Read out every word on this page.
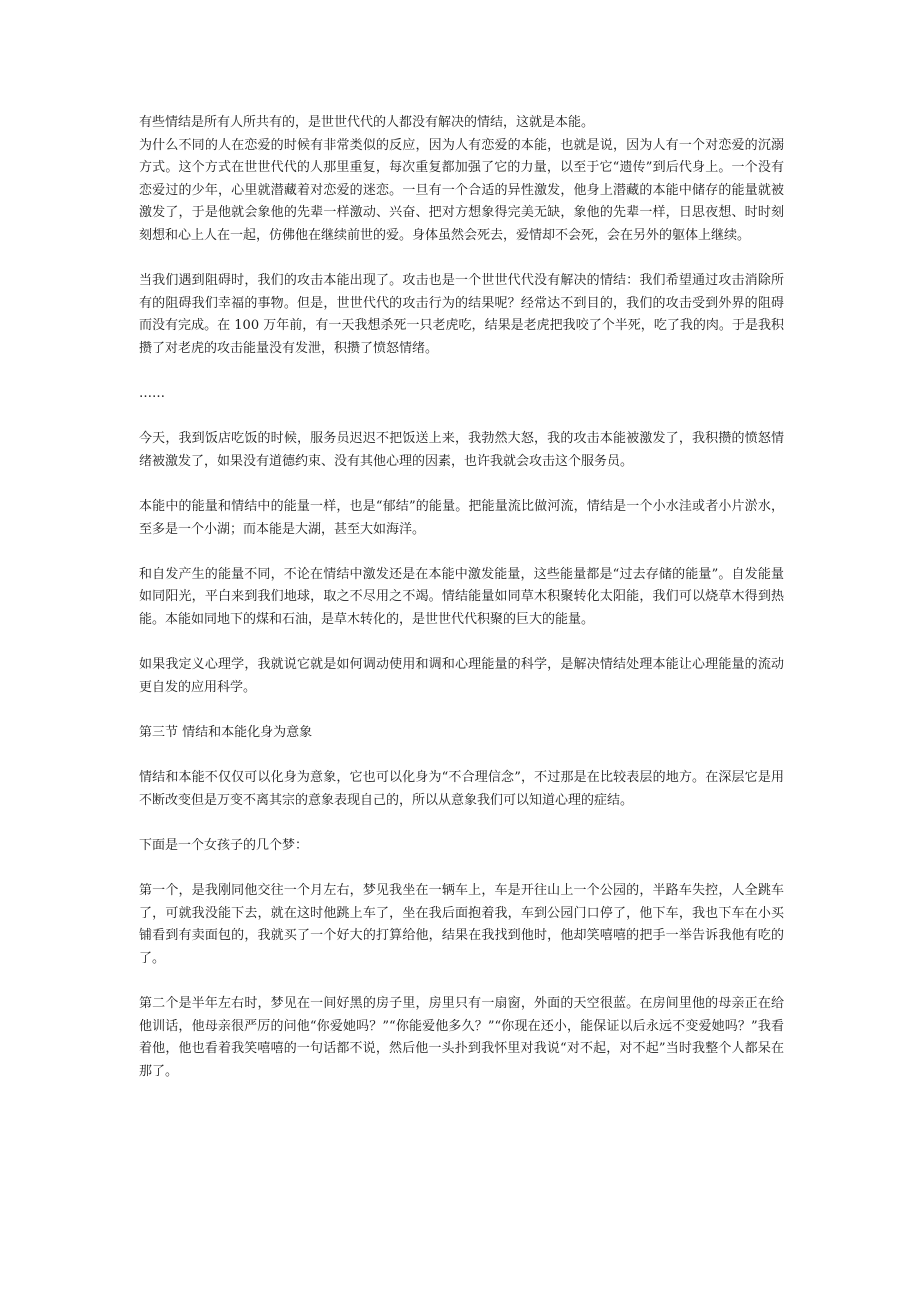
有些情结是所有人所共有的，是世世代代的人都没有解决的情结，这就是本能。

为什么不同的人在恋爱的时候有非常类似的反应，因为人有恋爱的本能，也就是说，因为人有一个对恋爱的沉溺方式。这个方式在世世代代的人那里重复，每次重复都加强了它的力量，以至于它“遗传”到后代身上。一个没有恋爱过的少年，心里就潜藏着对恋爱的迷恋。一旦有一个合适的异性激发，他身上潜藏的本能中储存的能量就被激发了，于是他就会象他的先辈一样激动、兴奋、把对方想象得完美无缺，象他的先辈一样，日思夜想、时时刻刻想和心上人在一起，仿佛他在继续前世的爱。身体虽然会死去，爱情却不会死，会在另外的躯体上继续。

当我们遇到阻碍时，我们的攻击本能出现了。攻击也是一个世世代代没有解决的情结：我们希望通过攻击消除所有的阻碍我们幸福的事物。但是，世世代代的攻击行为的结果呢？经常达不到目的，我们的攻击受到外界的阻碍而没有完成。在 100 万年前，有一天我想杀死一只老虎吃，结果是老虎把我咬了个半死，吃了我的肉。于是我积攒了对老虎的攻击能量没有发泄，积攒了愤怒情绪。

……

今天，我到饭店吃饭的时候，服务员迟迟不把饭送上来，我勃然大怒，我的攻击本能被激发了，我积攒的愤怒情绪被激发了，如果没有道德约束、没有其他心理的因素，也许我就会攻击这个服务员。

本能中的能量和情结中的能量一样，也是“郁结”的能量。把能量流比做河流，情结是一个小水洼或者小片淤水，至多是一个小湖；而本能是大湖，甚至大如海洋。

和自发产生的能量不同，不论在情结中激发还是在本能中激发能量，这些能量都是“过去存储的能量”。自发能量如同阳光，平白来到我们地球，取之不尽用之不竭。情结能量如同草木积聚转化太阳能，我们可以烧草木得到热能。本能如同地下的煤和石油，是草木转化的，是世世代代积聚的巨大的能量。

如果我定义心理学，我就说它就是如何调动使用和调和心理能量的科学，是解决情结处理本能让心理能量的流动更自发的应用科学。

第三节 情结和本能化身为意象

情结和本能不仅仅可以化身为意象，它也可以化身为“不合理信念”，不过那是在比较表层的地方。在深层它是用不断改变但是万变不离其宗的意象表现自己的，所以从意象我们可以知道心理的症结。

下面是一个女孩子的几个梦：

第一个，是我刚同他交往一个月左右，梦见我坐在一辆车上，车是开往山上一个公园的，半路车失控，人全跳车了，可就我没能下去，就在这时他跳上车了，坐在我后面抱着我，车到公园门口停了，他下车，我也下车在小买铺看到有卖面包的，我就买了一个好大的打算给他，结果在我找到他时，他却笑嘻嘻的把手一举告诉我他有吃的了。

第二个是半年左右时，梦见在一间好黑的房子里，房里只有一扇窗，外面的天空很蓝。在房间里他的母亲正在给他训话，他母亲很严厉的问他“你爱她吗？”“你能爱他多久？”“你现在还小，能保证以后永远不变爱她吗？”我看着他，他也看着我笑嘻嘻的一句话都不说，然后他一头扑到我怀里对我说“对不起，对不起”当时我整个人都呆在那了。
